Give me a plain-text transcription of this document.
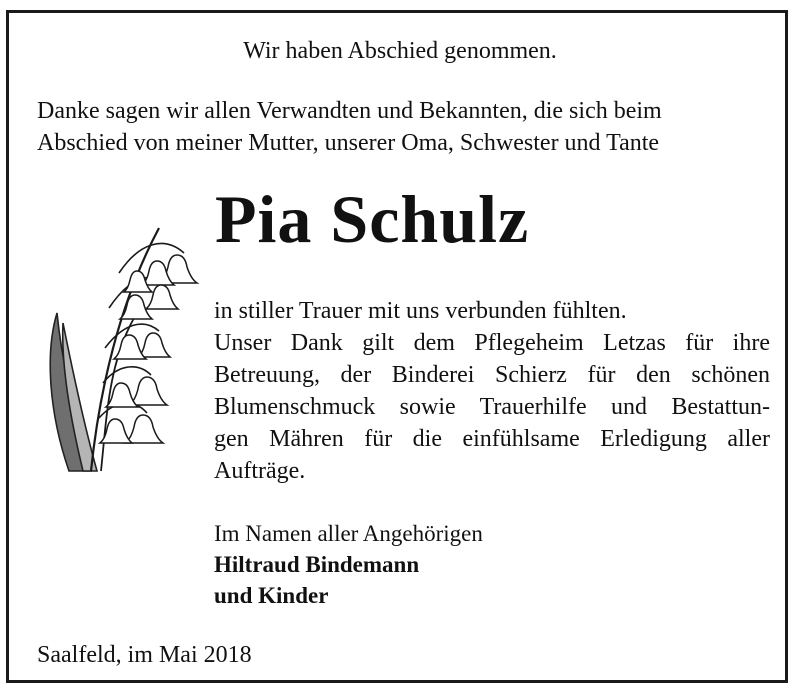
Wir haben Abschied genommen.
Danke sagen wir allen Verwandten und Bekannten, die sich beim
Abschied von meiner Mutter, unserer Oma, Schwester und Tante
Pia Schulz
in stiller Trauer mit uns verbunden fühlten.
Unser Dank gilt dem Pflegeheim Letzas für ihre
Betreuung, der Binderei Schierz für den schönen
Blumenschmuck sowie Trauerhilfe und Bestattun-
gen Mähren für die einfühlsame Erledigung aller
Aufträge.
Im Namen aller Angehörigen
Hiltraud Bindemann
und Kinder
Saalfeld, im Mai 2018
